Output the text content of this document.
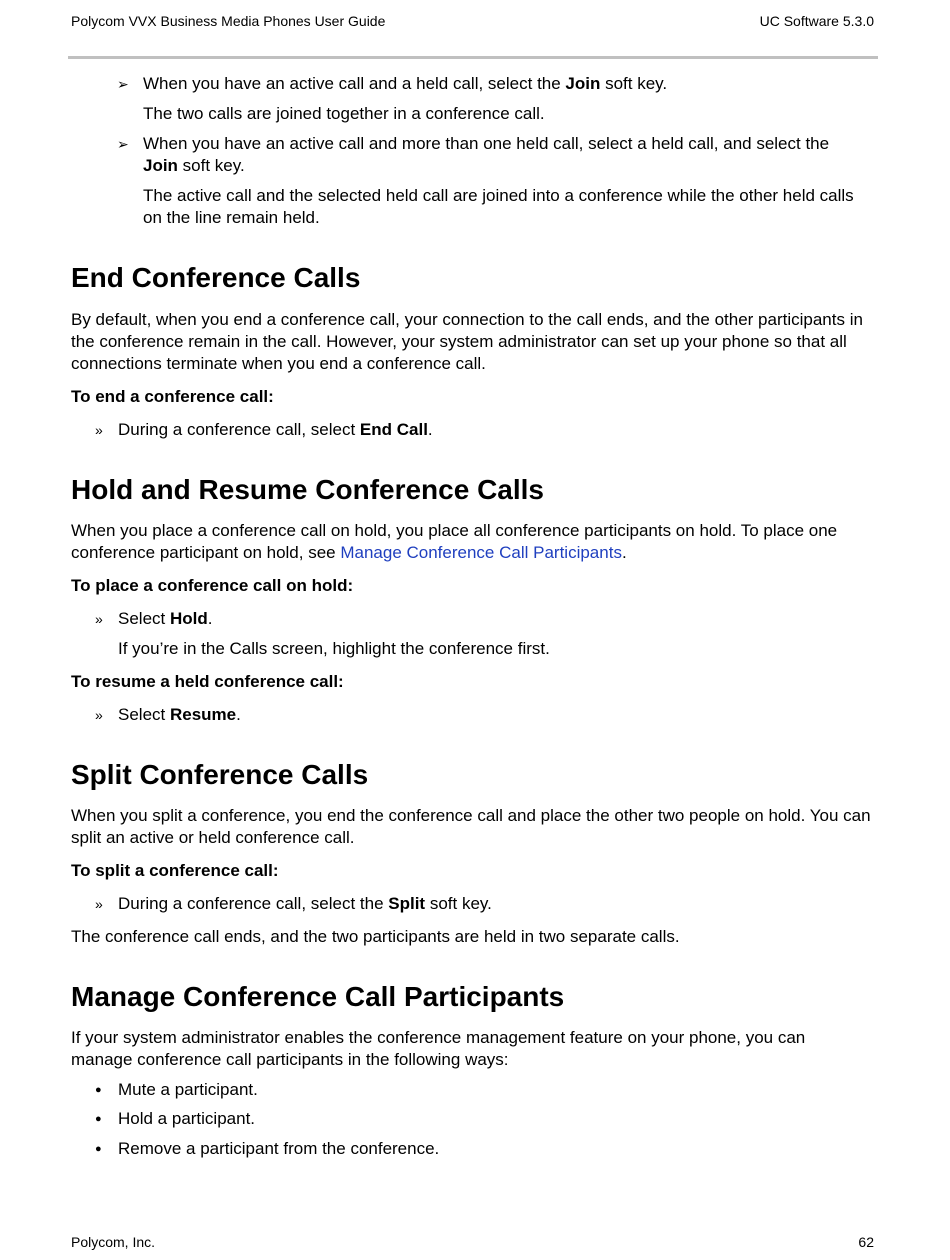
Polycom VVX Business Media Phones User Guide	UC Software 5.3.0
➢ When you have an active call and a held call, select the Join soft key.
The two calls are joined together in a conference call.
➢ When you have an active call and more than one held call, select a held call, and select the Join soft key.
The active call and the selected held call are joined into a conference while the other held calls on the line remain held.
End Conference Calls
By default, when you end a conference call, your connection to the call ends, and the other participants in the conference remain in the call. However, your system administrator can set up your phone so that all connections terminate when you end a conference call.
To end a conference call:
» During a conference call, select End Call.
Hold and Resume Conference Calls
When you place a conference call on hold, you place all conference participants on hold. To place one conference participant on hold, see Manage Conference Call Participants.
To place a conference call on hold:
» Select Hold.
If you’re in the Calls screen, highlight the conference first.
To resume a held conference call:
» Select Resume.
Split Conference Calls
When you split a conference, you end the conference call and place the other two people on hold. You can split an active or held conference call.
To split a conference call:
» During a conference call, select the Split soft key.
The conference call ends, and the two participants are held in two separate calls.
Manage Conference Call Participants
If your system administrator enables the conference management feature on your phone, you can manage conference call participants in the following ways:
● Mute a participant.
● Hold a participant.
● Remove a participant from the conference.
Polycom, Inc.	62
